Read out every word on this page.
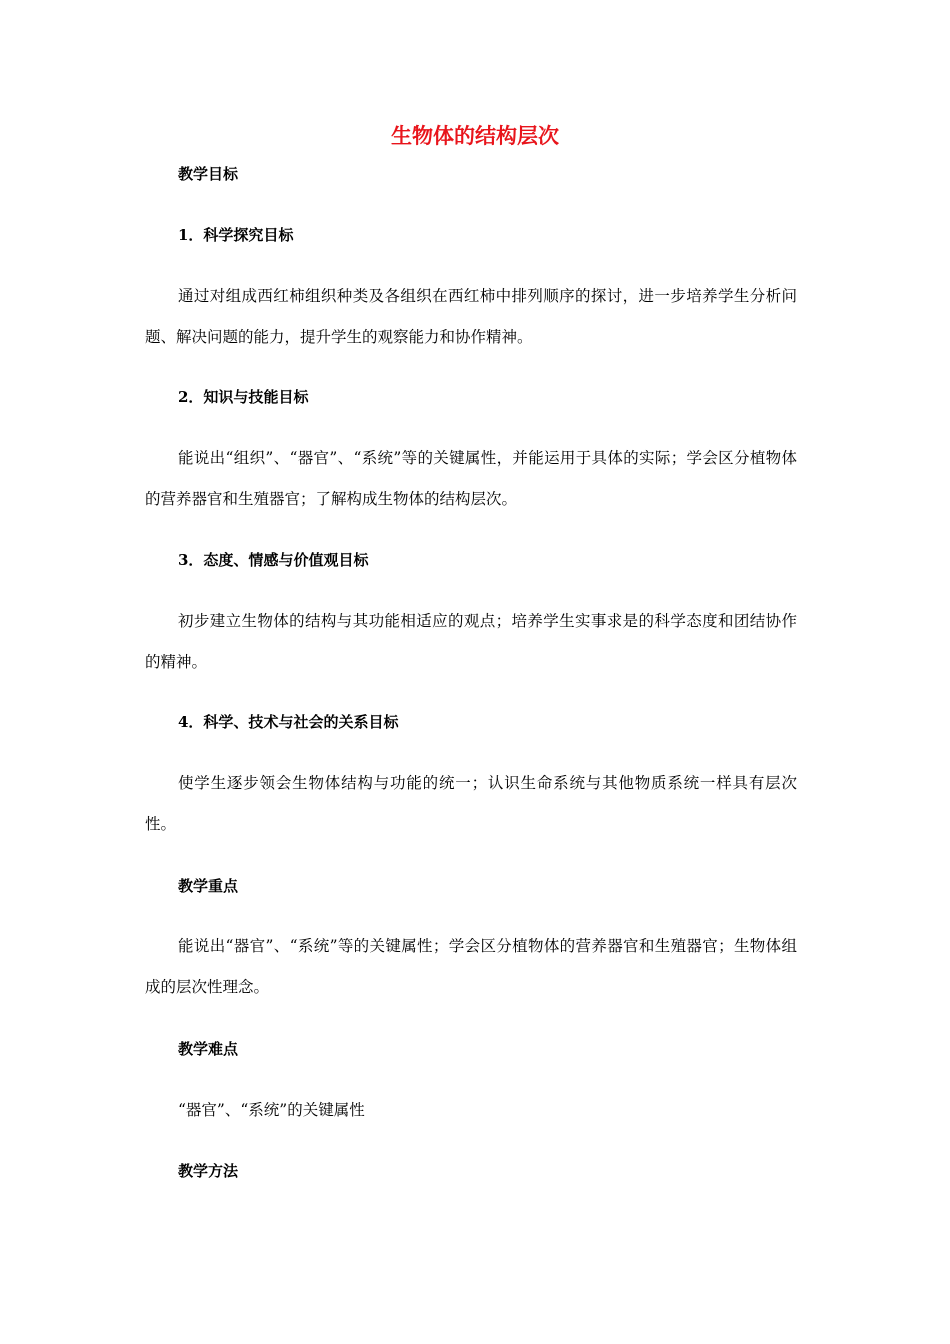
生物体的结构层次
教学目标
1．科学探究目标

通过对组成西红柿组织种类及各组织在西红柿中排列顺序的探讨，进一步培养学生分析问题、解决问题的能力，提升学生的观察能力和协作精神。

2．知识与技能目标

能说出“组织”、“器官”、“系统”等的关键属性，并能运用于具体的实际；学会区分植物体的营养器官和生殖器官；了解构成生物体的结构层次。

3．态度、情感与价值观目标

初步建立生物体的结构与其功能相适应的观点；培养学生实事求是的科学态度和团结协作的精神。

4．科学、技术与社会的关系目标

使学生逐步领会生物体结构与功能的统一；认识生命系统与其他物质系统一样具有层次性。

教学重点

能说出“器官”、“系统”等的关键属性；学会区分植物体的营养器官和生殖器官；生物体组成的层次性理念。

教学难点

“器官”、“系统”的关键属性

教学方法
